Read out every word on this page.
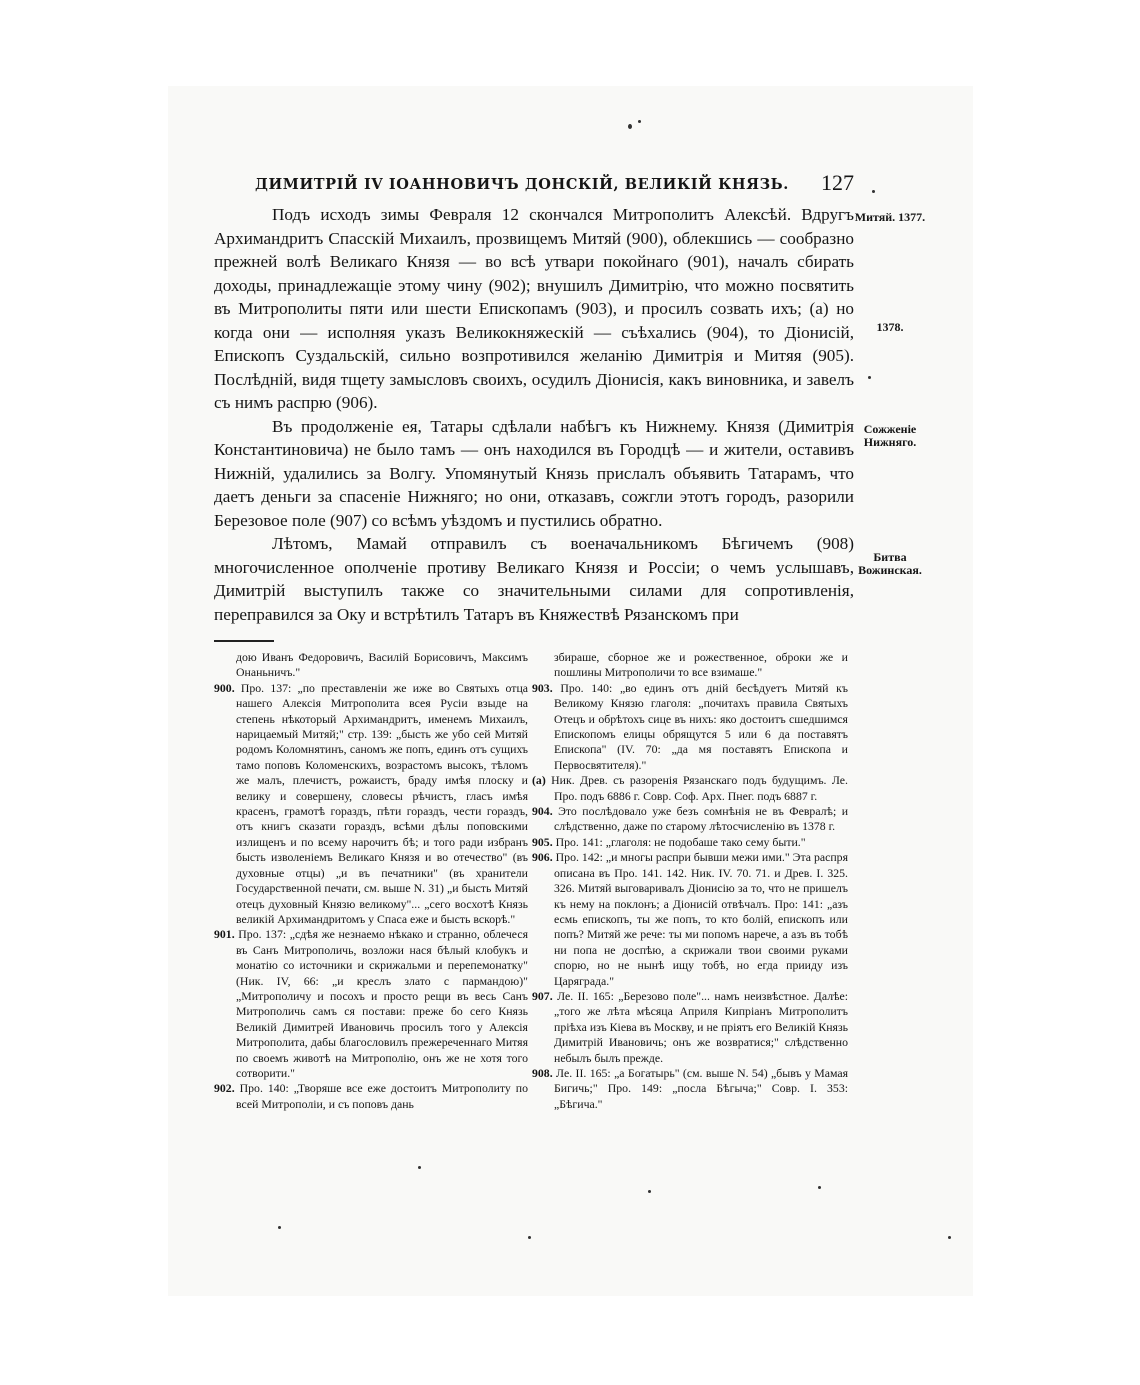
ДИМИТРІЙ IV ІОАННОВИЧЪ ДОНСКІЙ, ВЕЛИКІЙ КНЯЗЬ. 127

Подъ исходъ зимы Февраля 12 скончался Митрополитъ Алексѣй. Вдругъ Архимандритъ Спасскій Михаилъ, прозвищемъ Митяй (900), облекшись — сообразно прежней волѣ Великаго Князя — во всѣ утвари покойнаго (901), началъ сбирать доходы, принадлежащіе этому чину (902); внушилъ Димитрію, что можно посвятить въ Митрополиты пяти или шести Епископамъ (903), и просилъ созвать ихъ; (а) но когда они — исполняя указъ Великокняжескій — съѣхались (904), то Діонисій, Епископъ Суздальскій, сильно возпротивился желанію Димитрія и Митяя (905). Послѣдній, видя тщету замысловъ своихъ, осудилъ Діонисія, какъ виновника, и завелъ съ нимъ распрю (906).

Въ продолженіе ея, Татары сдѣлали набѣгъ къ Нижнему. Князя (Димитрія Константиновича) не было тамъ — онъ находился въ Городцѣ — и жители, оставивъ Нижній, удалились за Волгу. Упомянутый Князь прислалъ объявить Татарамъ, что даетъ деньги за спасеніе Нижняго; но они, отказавъ, сожгли этотъ городъ, разорили Березовое поле (907) со всѣмъ уѣздомъ и пустились обратно.

Лѣтомъ, Мамай отправилъ съ военачальникомъ Бѣгичемъ (908) многочисленное ополченіе противу Великаго Князя и Россіи; о чемъ услышавъ, Димитрій выступилъ также со значительными силами для сопротивленія, переправился за Оку и встрѣтилъ Татаръ въ Княжествѣ Рязанскомъ при

Митяй. 1377.
1378.
Сожженіе Нижняго.
Битва Вожинская.

дою Иванъ Федоровичъ, Василій Борисовичъ, Максимъ Онаньничъ."

900. Про. 137: „по преставленіи же иже во Святыхъ отца нашего Алексія Митрополита всея Русіи взыде на степень нѣкоторый Архимандритъ, именемъ Михаилъ, нарицаемый Митяй;" стр. 139: „бысть же убо сей Митяй родомъ Коломнятинъ, саномъ же попъ, единъ отъ сущихъ тамо поповъ Коломенскихъ, возрастомъ высокъ, тѣломъ же малъ, плечистъ, рожаистъ, браду имѣя плоску и велику и совершену, словесы рѣчистъ, гласъ имѣя красенъ, грамотѣ гораздъ, пѣти гораздъ, чести гораздъ, отъ книгъ сказати гораздъ, всѣми дѣлы поповскими излищенъ и по всему нарочитъ бѣ; и того ради избранъ бысть изволеніемъ Великаго Князя и во отечество" (въ духовные отцы) „и въ печатники" (въ хранители Государственной печати, см. выше N. 31) „и бысть Митяй отецъ духовный Князю великому"... „сего восхотѣ Князь великій Архимандритомъ у Спаса еже и бысть вскорѣ."

901. Про. 137: „сдѣя же незнаемо нѣкако и странно, облечеся въ Санъ Митрополичь, возложи нася бѣлый клобукъ и монатію со источники и скрижальми и перепемонатку" (Ник. IV, 66: „и креслъ злато с пармандою)" „Митрополичу и посохъ и просто рещи въ весь Санъ Митрополичь самъ ся постави: преже бо сего Князь Великій Димитрей Ивановичь просилъ того у Алексія Митрополита, дабы благословилъ прежереченнаго Митяя по своемъ животѣ на Митрополію, онъ же не хотя того сотворити."

902. Про. 140: „Творяше все еже достоитъ Митрополиту по всей Митрополіи, и съ поповъ дань

збираше, сборное же и рожественное, оброки же и пошлины Митрополичи то все взимаше."

903. Про. 140: „во единъ отъ дній бесѣдуетъ Митяй къ Великому Князю глаголя: „почитахъ правила Святыхъ Отецъ и обрѣтохъ сице въ нихъ: яко достоитъ сшедшимся Епископомъ елицы обрящутся 5 или 6 да поставятъ Епископа" (IV. 70: „да мя поставятъ Епископа и Первосвятителя)."

(а) Ник. Древ. съ разоренія Рязанскаго подъ будущимъ. Ле. Про. подъ 6886 г. Совр. Соф. Арх. Пнег. подъ 6887 г.

904. Это послѣдовало уже безъ сомнѣнія не въ Февралѣ; и слѣдственно, даже по старому лѣтосчисленію въ 1378 г.

905. Про. 141: „глаголя: не подобаше тако сему быти."

906. Про. 142: „и многы распри бывши межи ими." Эта распря описана въ Про. 141. 142. Ник. IV. 70. 71. и Древ. I. 325. 326. Митяй выговаривалъ Діонисію за то, что не пришелъ къ нему на поклонъ; а Діонисій отвѣчалъ. Про: 141: „азъ есмь епископъ, ты же попъ, то кто болій, епископъ или попъ? Митяй же рече: ты ми попомъ нарече, а азъ въ тобѣ ни попа не доспѣю, а скрижали твои своими руками спорю, но не нынѣ ищу тобѣ, но егда прииду изъ Царяграда."

907. Ле. II. 165: „Березово поле"... намъ неизвѣстное. Далѣе: „того же лѣта мѣсяца Априля Кипріанъ Митрополитъ пріѣха изъ Кіева въ Москву, и не пріятъ его Великій Князь Димитрій Ивановичь; онъ же возвратися;" слѣдственно небылъ былъ прежде.

908. Ле. II. 165: „а Богатырь" (см. выше N. 54) „бывъ у Мамая Бигичь;" Про. 149: „посла Бѣгыча;" Совр. I. 353: „Бѣгича."
